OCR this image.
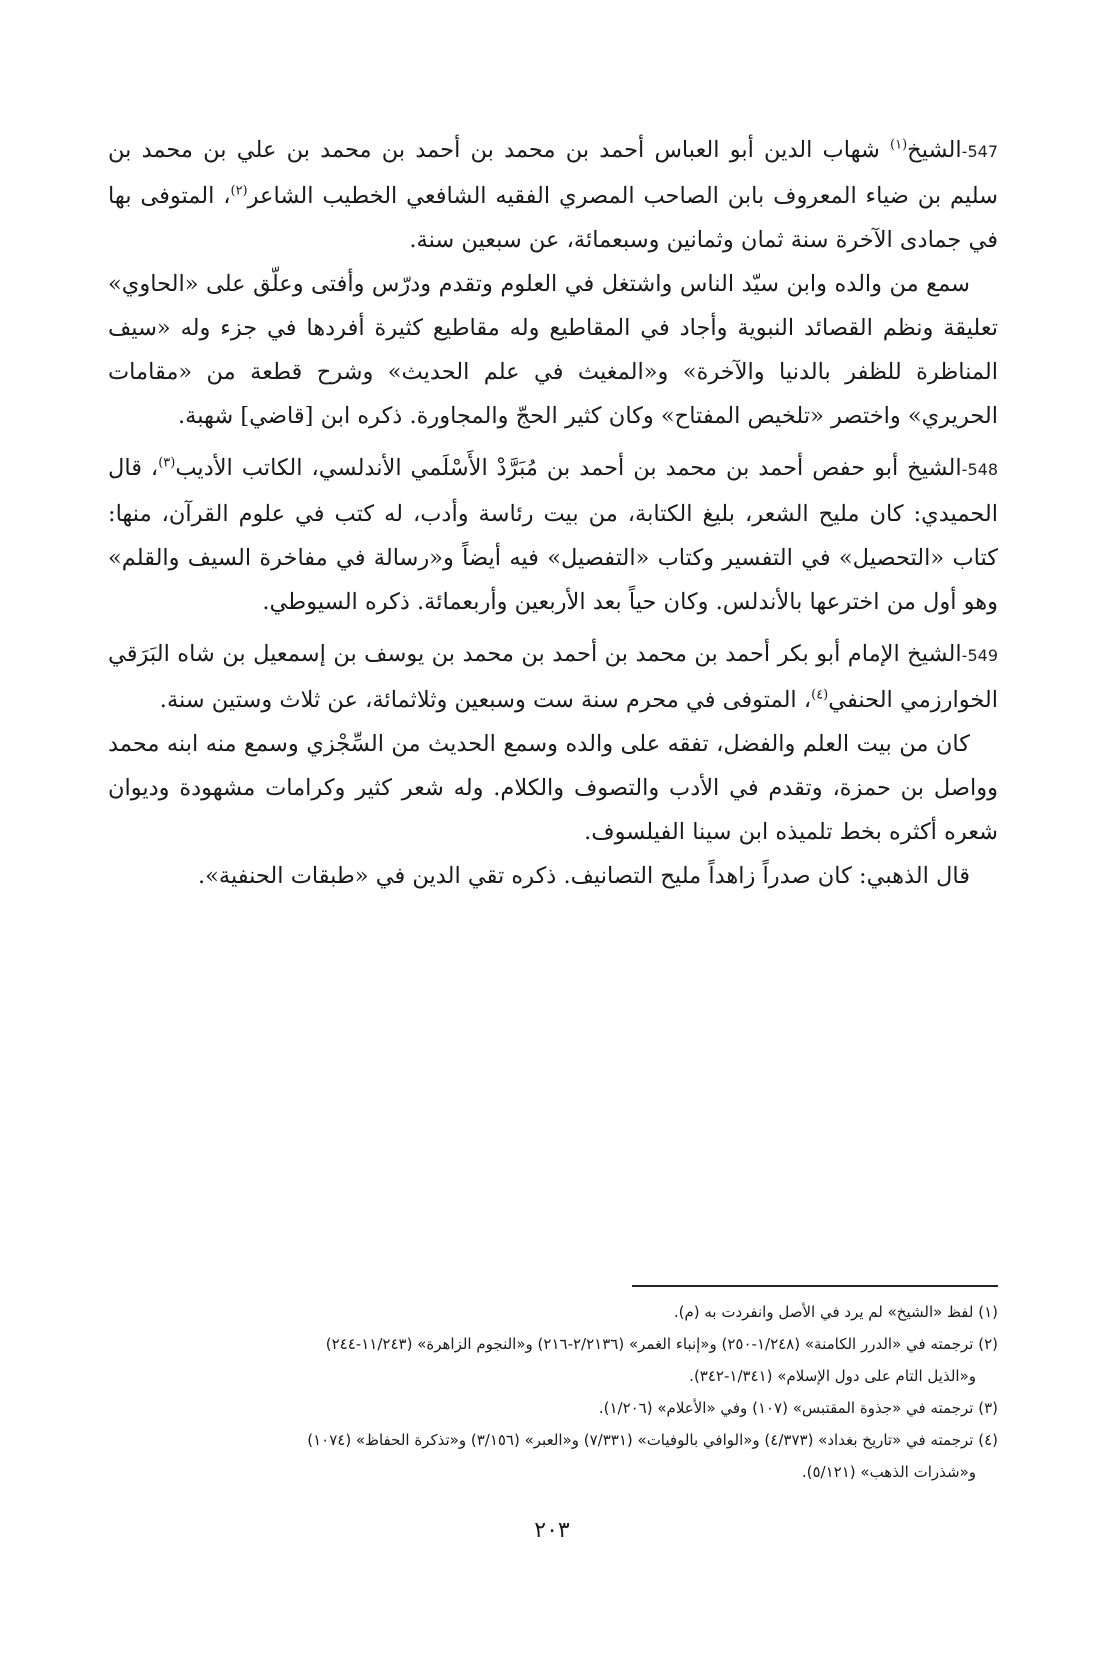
547-الشيخ$^{(١)}$ شهاب الدين أبو العباس أحمد بن محمد بن أحمد بن محمد بن علي بن محمد بن سليم بن ضياء المعروف بابن الصاحب المصري الفقيه الشافعي الخطيب الشاعر$^{(٢)}$، المتوفى بها في جمادى الآخرة سنة ثمان وثمانين وسبعمائة، عن سبعين سنة.

سمع من والده وابن سيّد الناس واشتغل في العلوم وتقدم ودرّس وأفتى وعلّق على «الحاوي» تعليقة ونظم القصائد النبوية وأجاد في المقاطيع وله مقاطيع كثيرة أفردها في جزء وله «سيف المناظرة للظفر بالدنيا والآخرة» و«المغيث في علم الحديث» وشرح قطعة من «مقامات الحريري» واختصر «تلخيص المفتاح» وكان كثير الحجّ والمجاورة. ذكره ابن [قاضي] شهبة.

548-الشيخ أبو حفص أحمد بن محمد بن أحمد بن مُبَرَّدْ الأَسْلَمي الأندلسي، الكاتب الأديب$^{(٣)}$، قال الحميدي: كان مليح الشعر، بليغ الكتابة، من بيت رئاسة وأدب، له كتب في علوم القرآن، منها: كتاب «التحصيل» في التفسير وكتاب «التفصيل» فيه أيضاً و«رسالة في مفاخرة السيف والقلم» وهو أول من اخترعها بالأندلس. وكان حياً بعد الأربعين وأربعمائة. ذكره السيوطي.

549-الشيخ الإمام أبو بكر أحمد بن محمد بن أحمد بن محمد بن يوسف بن إسمعيل بن شاه البَرَقي الخوارزمي الحنفي$^{(٤)}$، المتوفى في محرم سنة ست وسبعين وثلاثمائة، عن ثلاث وستين سنة.

كان من بيت العلم والفضل، تفقه على والده وسمع الحديث من السِّجْزي وسمع منه ابنه محمد وواصل بن حمزة، وتقدم في الأدب والتصوف والكلام. وله شعر كثير وكرامات مشهودة وديوان شعره أكثره بخط تلميذه ابن سينا الفيلسوف.

قال الذهبي: كان صدراً زاهداً مليح التصانيف. ذكره تقي الدين في «طبقات الحنفية».

(١) لفظ «الشيخ» لم يرد في الأصل وانفردت به (م).

(٢) ترجمته في «الدرر الكامنة» (١/٢٤٨-٢٥٠) و«إنباء الغمر» (٢/٢١٣٦-٢١٦) و«النجوم الزاهرة» (١١/٢٤٣-٢٤٤)

و«الذيل التام على دول الإسلام» (١/٣٤١-٣٤٢).

(٣) ترجمته في «جذوة المقتبس» (١٠٧) وفي «الأعلام» (١/٢٠٦).

(٤) ترجمته في «تاريخ بغداد» (٤/٣٧٣) و«الوافي بالوفيات» (٧/٣٣١) و«العبر» (٣/١٥٦) و«تذكرة الحفاظ» (١٠٧٤)

و«شذرات الذهب» (٥/١٢١).

٢٠٣
